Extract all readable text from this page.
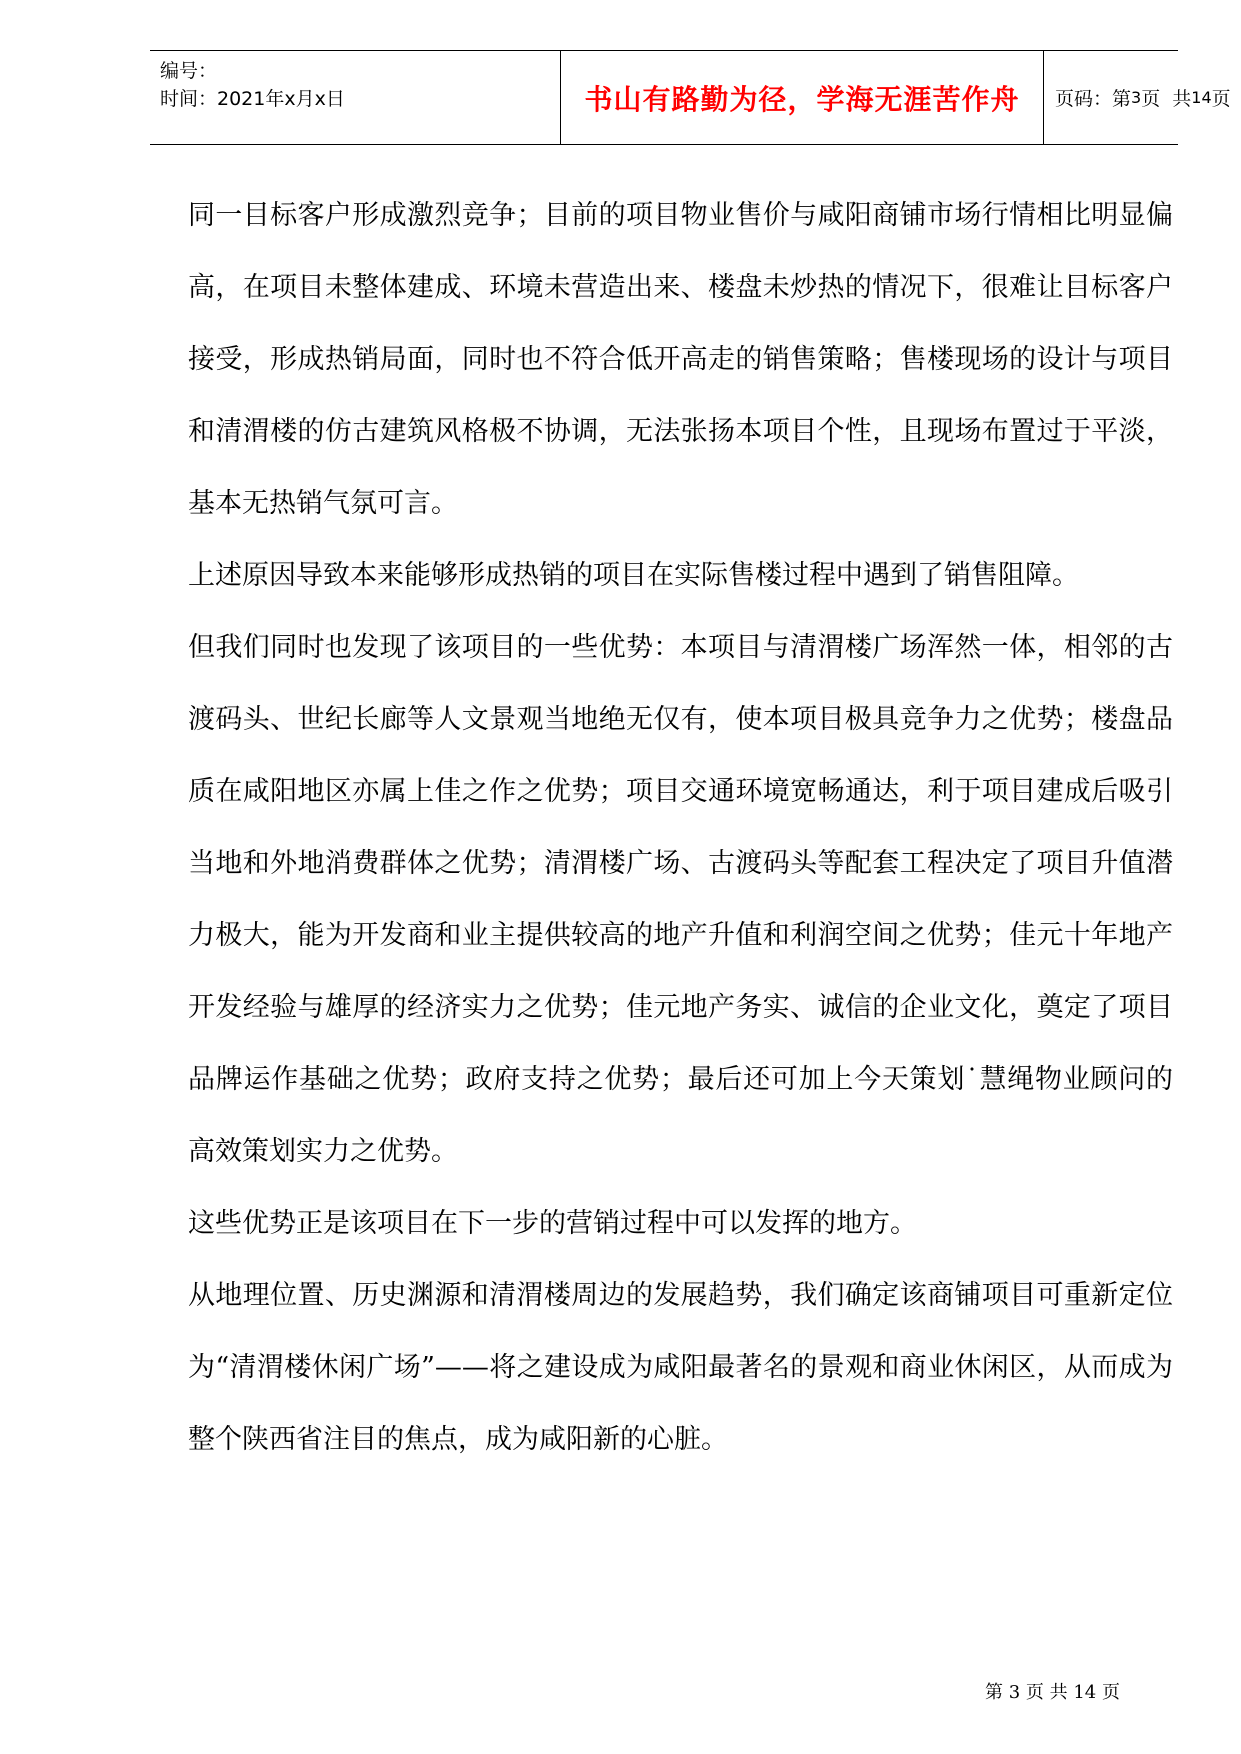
编号：
时间：2021年x月x日	书山有路勤为径，学海无涯苦作舟	页码：第 3 页  共 14 页

同一目标客户形成激烈竞争；目前的项目物业售价与咸阳商铺市场行情相比明显偏高，在项目未整体建成、环境未营造出来、楼盘未炒热的情况下，很难让目标客户接受，形成热销局面，同时也不符合低开高走的销售策略；售楼现场的设计与项目和清渭楼的仿古建筑风格极不协调，无法张扬本项目个性，且现场布置过于平淡，基本无热销气氛可言。

上述原因导致本来能够形成热销的项目在实际售楼过程中遇到了销售阻障。

但我们同时也发现了该项目的一些优势：本项目与清渭楼广场浑然一体，相邻的古渡码头、世纪长廊等人文景观当地绝无仅有，使本项目极具竞争力之优势；楼盘品质在咸阳地区亦属上佳之作之优势；项目交通环境宽畅通达，利于项目建成后吸引当地和外地消费群体之优势；清渭楼广场、古渡码头等配套工程决定了项目升值潜力极大，能为开发商和业主提供较高的地产升值和利润空间之优势；佳元十年地产开发经验与雄厚的经济实力之优势；佳元地产务实、诚信的企业文化，奠定了项目品牌运作基础之优势；政府支持之优势；最后还可加上今天策划˙慧绳物业顾问的高效策划实力之优势。

这些优势正是该项目在下一步的营销过程中可以发挥的地方。

从地理位置、历史渊源和清渭楼周边的发展趋势，我们确定该商铺项目可重新定位为“清渭楼休闲广场”——将之建设成为咸阳最著名的景观和商业休闲区，从而成为整个陕西省注目的焦点，成为咸阳新的心脏。

第 3 页 共 14 页
